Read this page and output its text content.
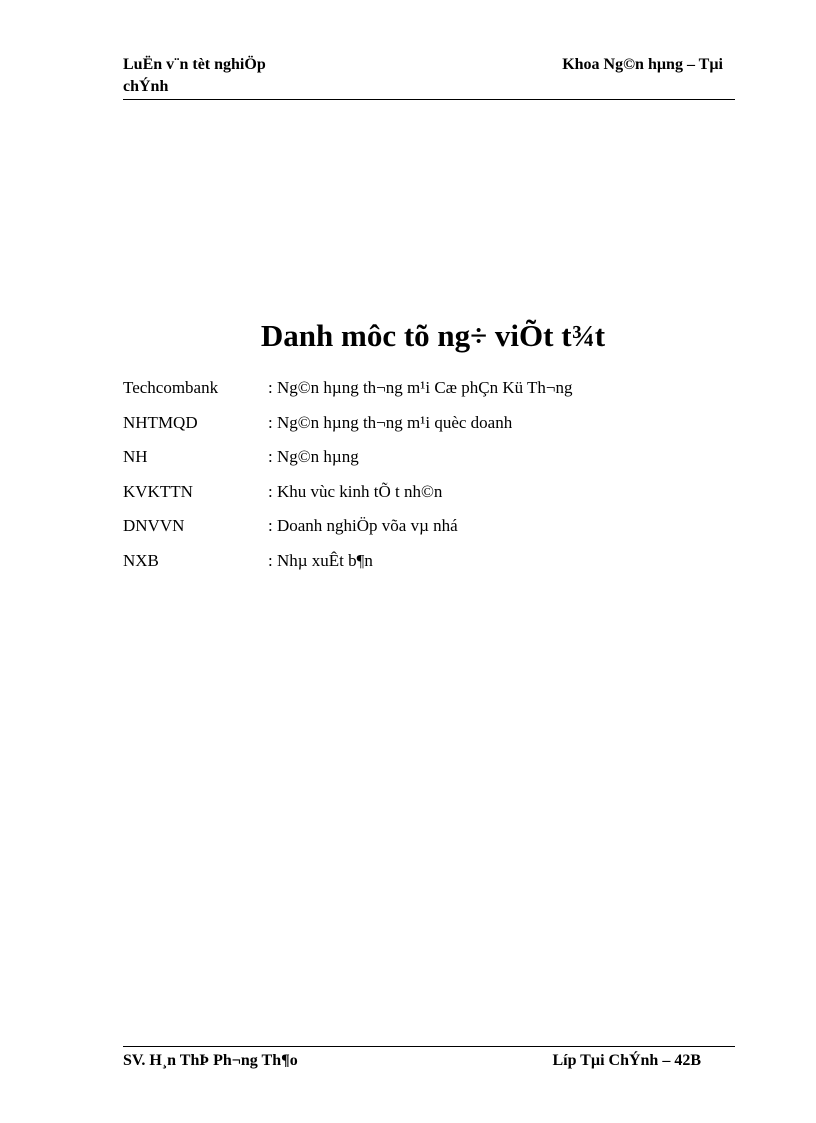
LuËn v¨n tèt nghiÖp
chÝnh
Khoa Ng©n hµng – Tµi
Danh môc tõ ng÷ viÕt t¾t
Techcombank	: Ng©n hµng th¬ng m¹i Cæ phÇn Kü Th¬ng
NHTMQD	: Ng©n hµng th¬ng m¹i quèc doanh
NH	: Ng©n hµng
KVKTTN	: Khu vùc kinh tÕ t nh©n
DNVVN	: Doanh nghiÖp võa vµ nhá
NXB	: Nhµ xuÊt b¶n
SV. H¸n ThÞ Ph¬ng Th¶o	Líp Tµi ChÝnh – 42B
